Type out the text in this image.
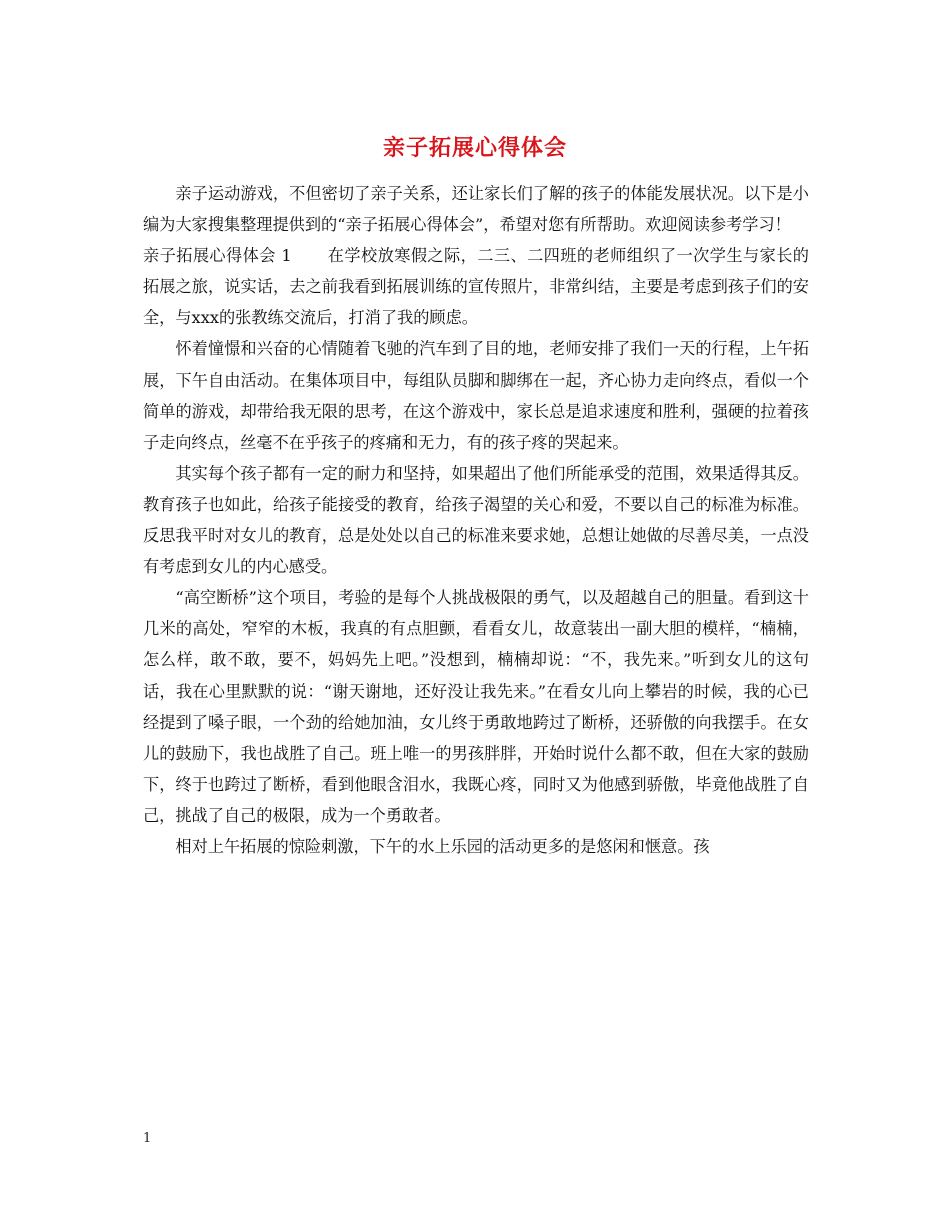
亲子拓展心得体会

亲子运动游戏，不但密切了亲子关系，还让家长们了解的孩子的体能发展状况。以下是小编为大家搜集整理提供到的“亲子拓展心得体会”，希望对您有所帮助。欢迎阅读参考学习！

亲子拓展心得体会 1 在学校放寒假之际，二三、二四班的老师组织了一次学生与家长的拓展之旅，说实话，去之前我看到拓展训练的宣传照片，非常纠结，主要是考虑到孩子们的安全，与xxx的张教练交流后，打消了我的顾虑。

怀着憧憬和兴奋的心情随着飞驰的汽车到了目的地，老师安排了我们一天的行程，上午拓展，下午自由活动。在集体项目中，每组队员脚和脚绑在一起，齐心协力走向终点，看似一个简单的游戏，却带给我无限的思考，在这个游戏中，家长总是追求速度和胜利，强硬的拉着孩子走向终点，丝毫不在乎孩子的疼痛和无力，有的孩子疼的哭起来。

其实每个孩子都有一定的耐力和坚持，如果超出了他们所能承受的范围，效果适得其反。教育孩子也如此，给孩子能接受的教育，给孩子渴望的关心和爱，不要以自己的标准为标准。反思我平时对女儿的教育，总是处处以自己的标准来要求她，总想让她做的尽善尽美，一点没有考虑到女儿的内心感受。

“高空断桥”这个项目，考验的是每个人挑战极限的勇气，以及超越自己的胆量。看到这十几米的高处，窄窄的木板，我真的有点胆颤，看看女儿，故意装出一副大胆的模样，“楠楠，怎么样，敢不敢，要不，妈妈先上吧。”没想到，楠楠却说：“不，我先来。”听到女儿的这句话，我在心里默默的说：“谢天谢地，还好没让我先来。”在看女儿向上攀岩的时候，我的心已经提到了嗓子眼，一个劲的给她加油，女儿终于勇敢地跨过了断桥，还骄傲的向我摆手。在女儿的鼓励下，我也战胜了自己。班上唯一的男孩胖胖，开始时说什么都不敢，但在大家的鼓励下，终于也跨过了断桥，看到他眼含泪水，我既心疼，同时又为他感到骄傲，毕竟他战胜了自己，挑战了自己的极限，成为一个勇敢者。

相对上午拓展的惊险刺激，下午的水上乐园的活动更多的是悠闲和惬意。孩

1
